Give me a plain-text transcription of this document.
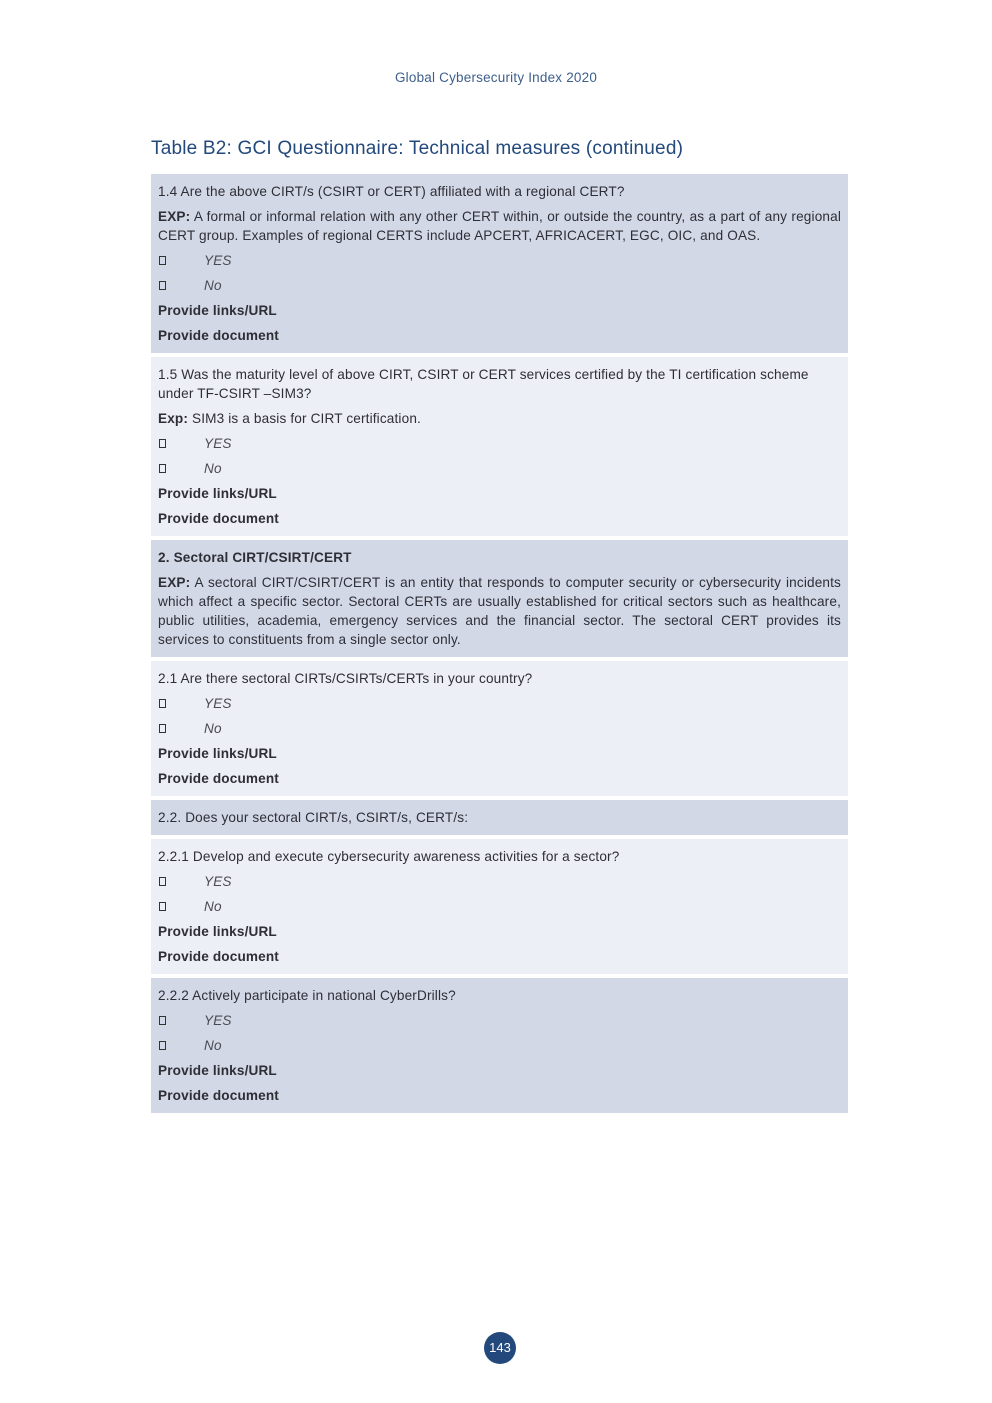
Global Cybersecurity Index 2020
Table B2: GCI Questionnaire: Technical measures (continued)
1.4 Are the above CIRT/s (CSIRT or CERT) affiliated with a regional CERT?
EXP: A formal or informal relation with any other CERT within, or outside the country, as a part of any regional CERT group. Examples of regional CERTS include APCERT, AFRICACERT, EGC, OIC, and OAS.
YES
No
Provide links/URL
Provide document
1.5 Was the maturity level of above CIRT, CSIRT or CERT services certified by the TI certification scheme under TF-CSIRT –SIM3?
Exp: SIM3 is a basis for CIRT certification.
YES
No
Provide links/URL
Provide document
2. Sectoral CIRT/CSIRT/CERT
EXP: A sectoral CIRT/CSIRT/CERT is an entity that responds to computer security or cybersecurity incidents which affect a specific sector. Sectoral CERTs are usually established for critical sectors such as healthcare, public utilities, academia, emergency services and the financial sector. The sectoral CERT provides its services to constituents from a single sector only.
2.1 Are there sectoral CIRTs/CSIRTs/CERTs in your country?
YES
No
Provide links/URL
Provide document
2.2. Does your sectoral CIRT/s, CSIRT/s, CERT/s:
2.2.1 Develop and execute cybersecurity awareness activities for a sector?
YES
No
Provide links/URL
Provide document
2.2.2 Actively participate in national CyberDrills?
YES
No
Provide links/URL
Provide document
143
